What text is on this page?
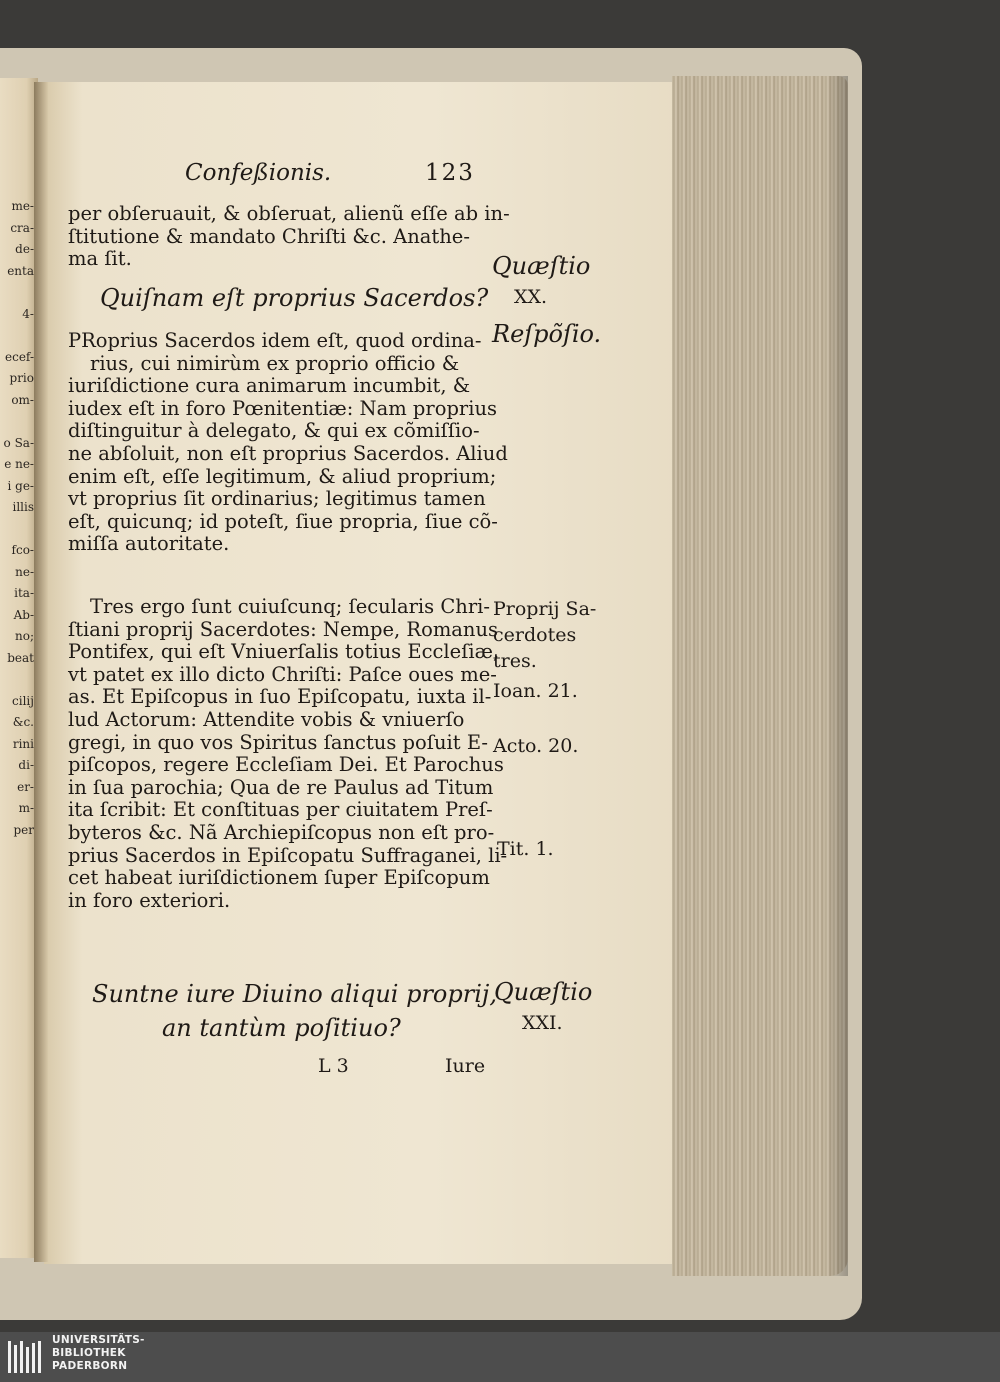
me-
cra-
de-
enta
4-
ecef-
prio
om-
o Sa-
e ne-
i ge-
illis
fco-
ne-
ita-
Ab-
no;
beat
cilij
&c.
rini
di-
er-
m-
per
Confeßionis.	123
per obſeruauit, & obſeruat, alienũ eſſe ab in-
ſtitutione & mandato Chriſti &c. Anathe-
ma ſit.
Quiſnam eſt proprius Sacerdos?
Quæſtio
XX.
Reſpõſio.
PRoprius Sacerdos idem eſt, quod ordina-
rius, cui nimirùm ex proprio officio &
iuriſdictione cura animarum incumbit, &
iudex eſt in foro Pœnitentiæ: Nam proprius
diſtinguitur à delegato, & qui ex cõmiſſio-
ne abſoluit, non eſt proprius Sacerdos. Aliud
enim eſt, eſſe legitimum, & aliud proprium;
vt proprius ſit ordinarius; legitimus tamen
eſt, quicunq; id poteſt, ſiue propria, ſiue cõ-
miſſa autoritate.
Tres ergo ſunt cuiuſcunq; ſecularis Chri-
ſtiani proprij Sacerdotes: Nempe, Romanus
Pontifex, qui eſt Vniuerſalis totius Eccleſiæ,
vt patet ex illo dicto Chriſti: Paſce oues me-
as. Et Epiſcopus in ſuo Epiſcopatu, iuxta il-
lud Actorum: Attendite vobis & vniuerſo
gregi, in quo vos Spiritus ſanctus poſuit E-
piſcopos, regere Eccleſiam Dei. Et Parochus
in ſua parochia; Qua de re Paulus ad Titum
ita ſcribit: Et conſtituas per ciuitatem Preſ-
byteros &c. Nã Archiepiſcopus non eſt pro-
prius Sacerdos in Epiſcopatu Suffraganei, li-
cet habeat iuriſdictionem ſuper Epiſcopum
in foro exteriori.
Proprij Sa-
cerdotes
tres.
Ioan. 21.
Acto. 20.
Tit. 1.
Suntne iure Diuino aliqui proprij,
an tantùm poſitiuo?
Quæſtio
XXI.
L 3	Iure
UNIVERSITÄTS-
BIBLIOTHEK
PADERBORN
